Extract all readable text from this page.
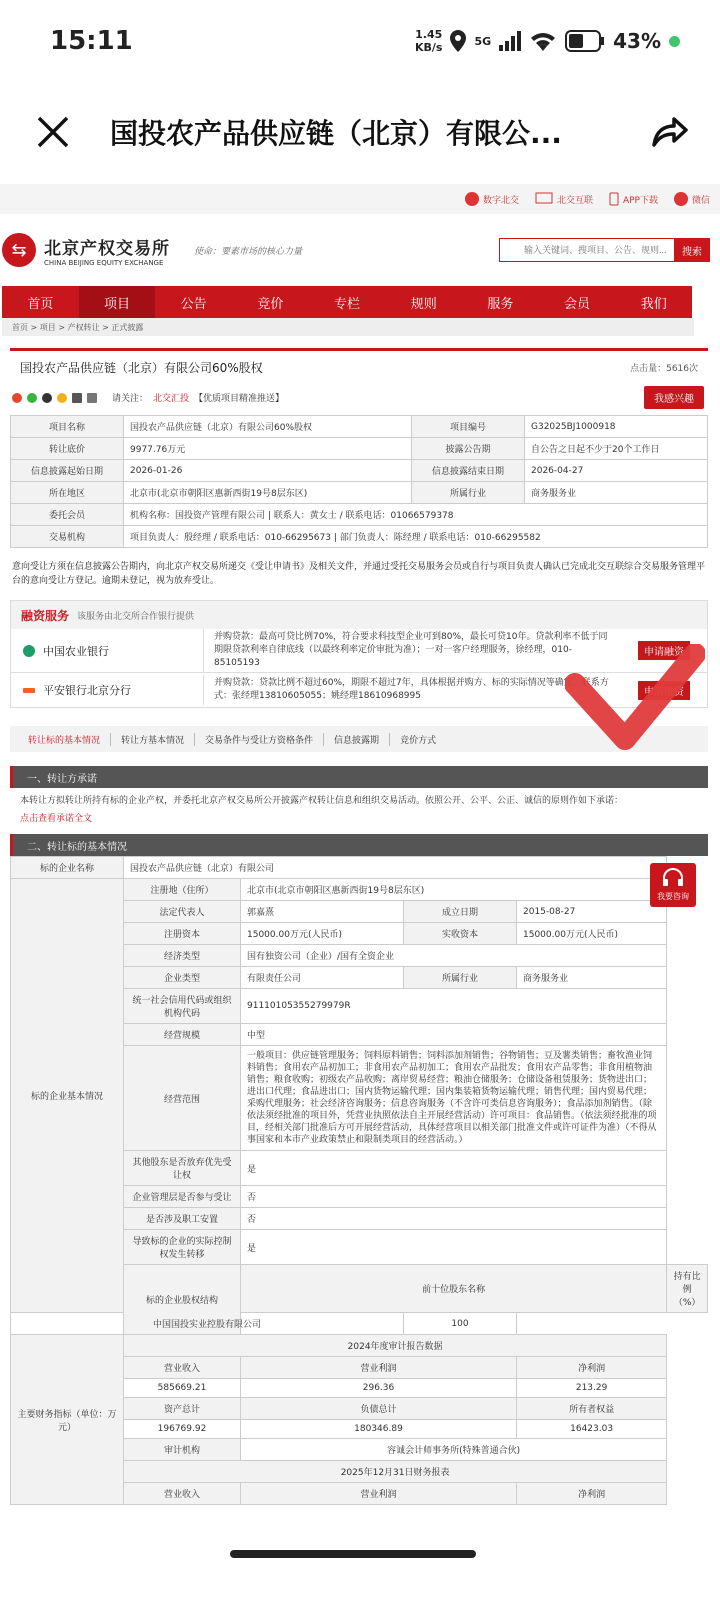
15:11	1.45
KB/s	5G	43%
国投农产品供应链（北京）有限公...
数字北交	北交互联	APP下载	微信
⇆	北京产权交易所
CHINA BEIJING EQUITY EXCHANGE
使命：要素市场的核心力量
输入关键词、搜项目、公告、规则...	搜索
首页	项目	公告	竞价	专栏	规则	服务	会员	我们
首页 > 项目 > 产权转让 > 正式披露
国投农产品供应链（北京）有限公司60%股权	点击量：5616次
请关注： 北交汇投 【优质项目精准推送】	我感兴趣
项目名称	国投农产品供应链（北京）有限公司60%股权	项目编号	G32025BJ1000918
转让底价	9977.76万元	披露公告期	自公告之日起不少于20个工作日
信息披露起始日期	2026-01-26	信息披露结束日期	2026-04-27
所在地区	北京市(北京市朝阳区惠新西街19号8层东区)	所属行业	商务服务业
委托会员	机构名称：国投资产管理有限公司 | 联系人：黄女士 / 联系电话：01066579378		
交易机构	项目负责人：殷经理 / 联系电话：010-66295673 | 部门负责人：陈经理 / 联系电话：010-66295582		
意向受让方须在信息披露公告期内，向北京产权交易所递交《受让申请书》及相关文件，并通过受托交易服务会员或自行与项目负责人确认已完成北交互联综合交易服务管理平台的意向受让方登记。逾期未登记，视为放弃受让。
融资服务 该服务由北交所合作银行提供
中国农业银行
并购贷款：最高可贷比例70%，符合要求科技型企业可到80%，最长可贷10年。贷款利率不低于同期限贷款利率自律底线（以最终利率定价审批为准）；一对一客户经理服务，徐经理，010-85105193
申请融资
平安银行北京分行
并购贷款：贷款比例不超过60%，期限不超过7年，具体根据并购方、标的实际情况等确定。联系方式：张经理13810605055；姚经理18610968995	申请融资
转让标的基本情况	转让方基本情况	交易条件与受让方资格条件	信息披露期	竞价方式
一、转让方承诺
本转让方拟转让所持有标的企业产权，并委托北京产权交易所公开披露产权转让信息和组织交易活动。依照公开、公平、公正、诚信的原则作如下承诺：
点击查看承诺全文
二、转让标的基本情况
标的企业名称	国投农产品供应链（北京）有限公司				
标的企业基本情况	注册地（住所）	北京市(北京市朝阳区惠新西街19号8层东区)			
	法定代表人	郭嘉熹	成立日期	2015-08-27	
	注册资本	15000.00万元(人民币)	实收资本	15000.00万元(人民币)	
	经济类型	国有独资公司（企业）/国有全资企业			
	企业类型	有限责任公司	所属行业	商务服务业	
	统一社会信用代码或组织机构代码	91110105355279979R			
	经营规模	中型			
	经营范围	一般项目：供应链管理服务；饲料原料销售；饲料添加剂销售；谷物销售；豆及薯类销售；畜牧渔业饲料销售；食用农产品初加工；非食用农产品初加工；食用农产品批发；食用农产品零售；非食用植物油销售；粮食收购；初级农产品收购；离岸贸易经营；粮油仓储服务；仓储设备租赁服务；货物进出口；进出口代理；食品进出口；国内货物运输代理；国内集装箱货物运输代理；销售代理；国内贸易代理；采购代理服务；社会经济咨询服务；信息咨询服务（不含许可类信息咨询服务）；食品添加剂销售。（除依法须经批准的项目外，凭营业执照依法自主开展经营活动）许可项目：食品销售。（依法须经批准的项目，经相关部门批准后方可开展经营活动，具体经营项目以相关部门批准文件或许可证件为准）（不得从事国家和本市产业政策禁止和限制类项目的经营活动。）			
	其他股东是否放弃优先受让权	是			
	企业管理层是否参与受让	否			
	是否涉及职工安置	否			
	导致标的企业的实际控制权发生转移	是			
	标的企业股权结构	前十位股东名称			持有比例（%）
中国国投实业控股有限公司			100		
主要财务指标（单位：万元）	2024年度审计报告数据				
	营业收入	营业利润		净利润	
	585669.21	296.36		213.29	
	资产总计	负债总计		所有者权益	
	196769.92	180346.89		16423.03	
	审计机构	容诚会计师事务所(特殊普通合伙)			
	2025年12月31日财务报表				
	营业收入	营业利润		净利润	
我要咨询
